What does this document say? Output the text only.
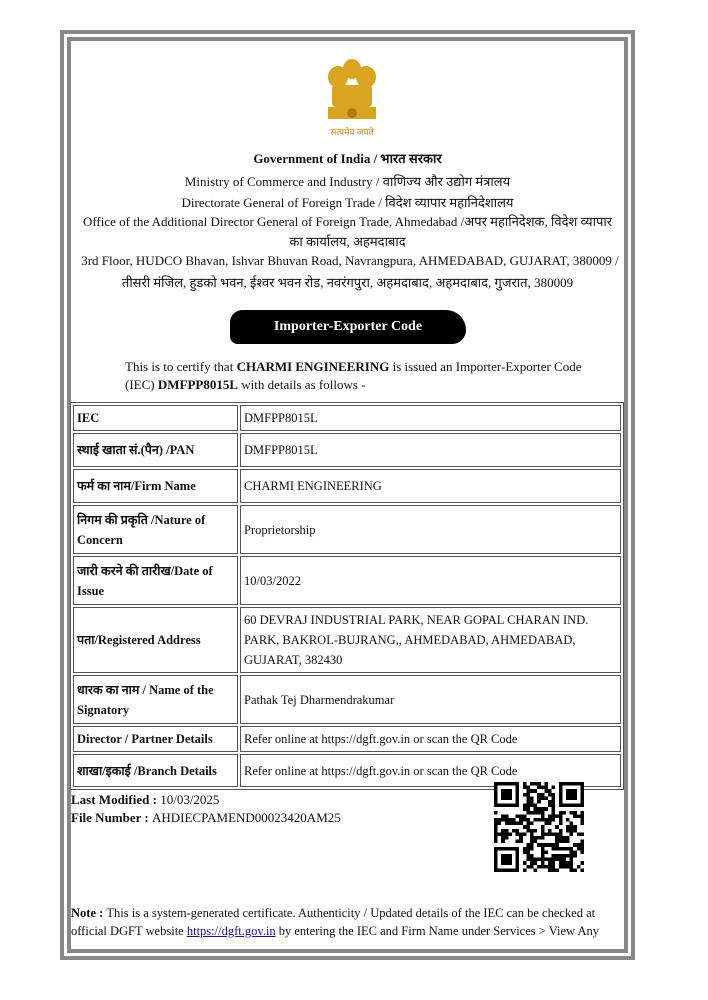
सत्यमेव जयते
Government of India / भारत सरकार
Ministry of Commerce and Industry / वाणिज्य और उद्योग मंत्रालय
Directorate General of Foreign Trade / विदेश व्यापार महानिदेशालय
Office of the Additional Director General of Foreign Trade, Ahmedabad /अपर महानिदेशक, विदेश व्यापार का कार्यालय, अहमदाबाद
3rd Floor, HUDCO Bhavan, Ishvar Bhuvan Road, Navrangpura, AHMEDABAD, GUJARAT, 380009 /
तीसरी मंजिल, हुडको भवन, ईश्वर भवन रोड, नवरंगपुरा, अहमदाबाद, अहमदाबाद, गुजरात, 380009
Importer-Exporter Code
This is to certify that CHARMI ENGINEERING is issued an Importer-Exporter Code (IEC) DMFPP8015L with details as follows -
IEC	DMFPP8015L
स्थाई खाता सं.(पैन) /PAN	DMFPP8015L
फर्म का नाम/Firm Name	CHARMI ENGINEERING
निगम की प्रकृति /Nature of Concern	Proprietorship
जारी करने की तारीख/Date of Issue	10/03/2022
पता/Registered Address	60 DEVRAJ INDUSTRIAL PARK, NEAR GOPAL CHARAN IND. PARK, BAKROL-BUJRANG,, AHMEDABAD, AHMEDABAD, GUJARAT, 382430
धारक का नाम / Name of the Signatory	Pathak Tej Dharmendrakumar
Director / Partner Details	Refer online at https://dgft.gov.in or scan the QR Code
शाखा/इकाई /Branch Details	Refer online at https://dgft.gov.in or scan the QR Code
Last Modified : 10/03/2025
File Number : AHDIECPAMEND00023420AM25
Note : This is a system-generated certificate. Authenticity / Updated details of the IEC can be checked at official DGFT website https://dgft.gov.in by entering the IEC and Firm Name under Services > View Any
